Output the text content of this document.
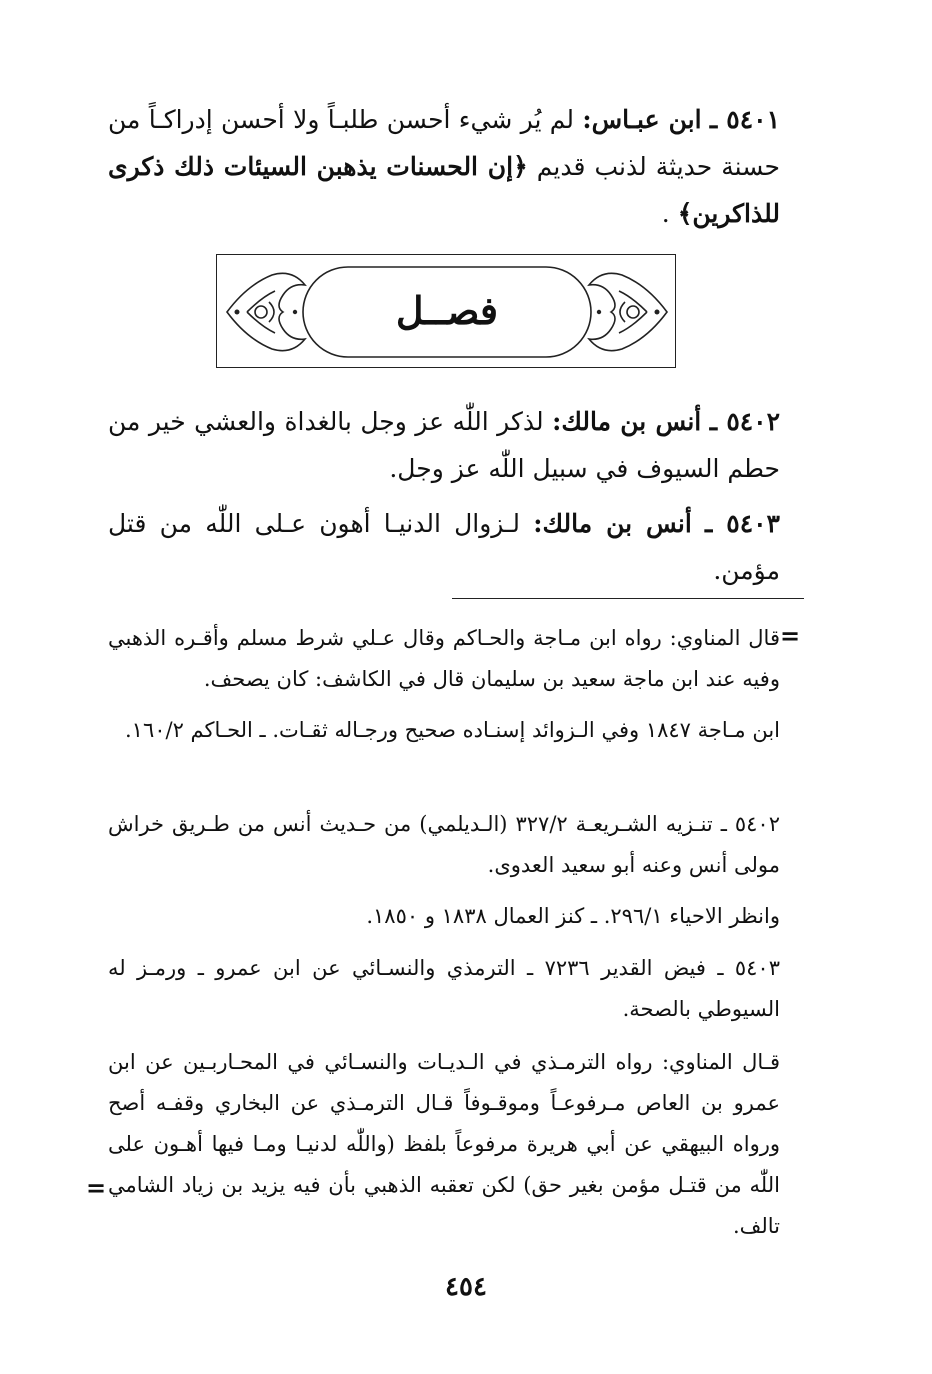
٥٤٠١ ـ ابن عبـاس: لم يُر شيء أحسن طلبـاً ولا أحسن إدراكـاً من حسنة حديثة لذنب قديم ﴿إن الحسنات يذهبن السيئات ذلك ذكرى للذاكرين﴾ .

فصــل

٥٤٠٢ ـ أنس بن مالك: لذكر اللّٰه عز وجل بالغداة والعشي خير من حطم السيوف في سبيل اللّٰه عز وجل.

٥٤٠٣ ـ أنس بن مالك: لـزوال الدنيـا أهون عـلى اللّٰه من قتل مؤمن.

=

قال المناوي: رواه ابن مـاجة والحـاكم وقال عـلي شرط مسلم وأقـره الذهبي وفيه عند ابن ماجة سعيد بن سليمان قال في الكاشف: كان يصحف.

ابن مـاجة ١٨٤٧ وفي الـزوائد إسنـاده صحيح ورجـاله ثقـات. ـ الحـاكم ١٦٠/٢.

٥٤٠٢ ـ تنـزيه الشـريعـة ٣٢٧/٢ (الـديلمي) من حـديث أنس من طـريق خراش مولى أنس وعنه أبو سعيد العدوى.

وانظر الاحياء ٢٩٦/١. ـ كنز العمال ١٨٣٨ و ١٨٥٠.

٥٤٠٣ ـ فيض القدير ٧٢٣٦ ـ الترمذي والنسـائي عن ابن عمرو ـ ورمـز له السيوطي بالصحة.

قـال المناوي: رواه الترمـذي في الـديـات والنسـائي في المحـاربـين عن ابن عمرو بن العاص مـرفوعـاً وموقـوفاً قـال الترمـذي عن البخاري وقفـه أصح ورواه البيهقي عن أبي هريرة مرفوعاً بلفظ (واللّٰه لدنيـا ومـا فيها أهـون على اللّٰه من قتـل مؤمن بغير حق) لكن تعقبه الذهبي بأن فيه يزيد بن زياد الشامي تالف.

=
٤٥٤
